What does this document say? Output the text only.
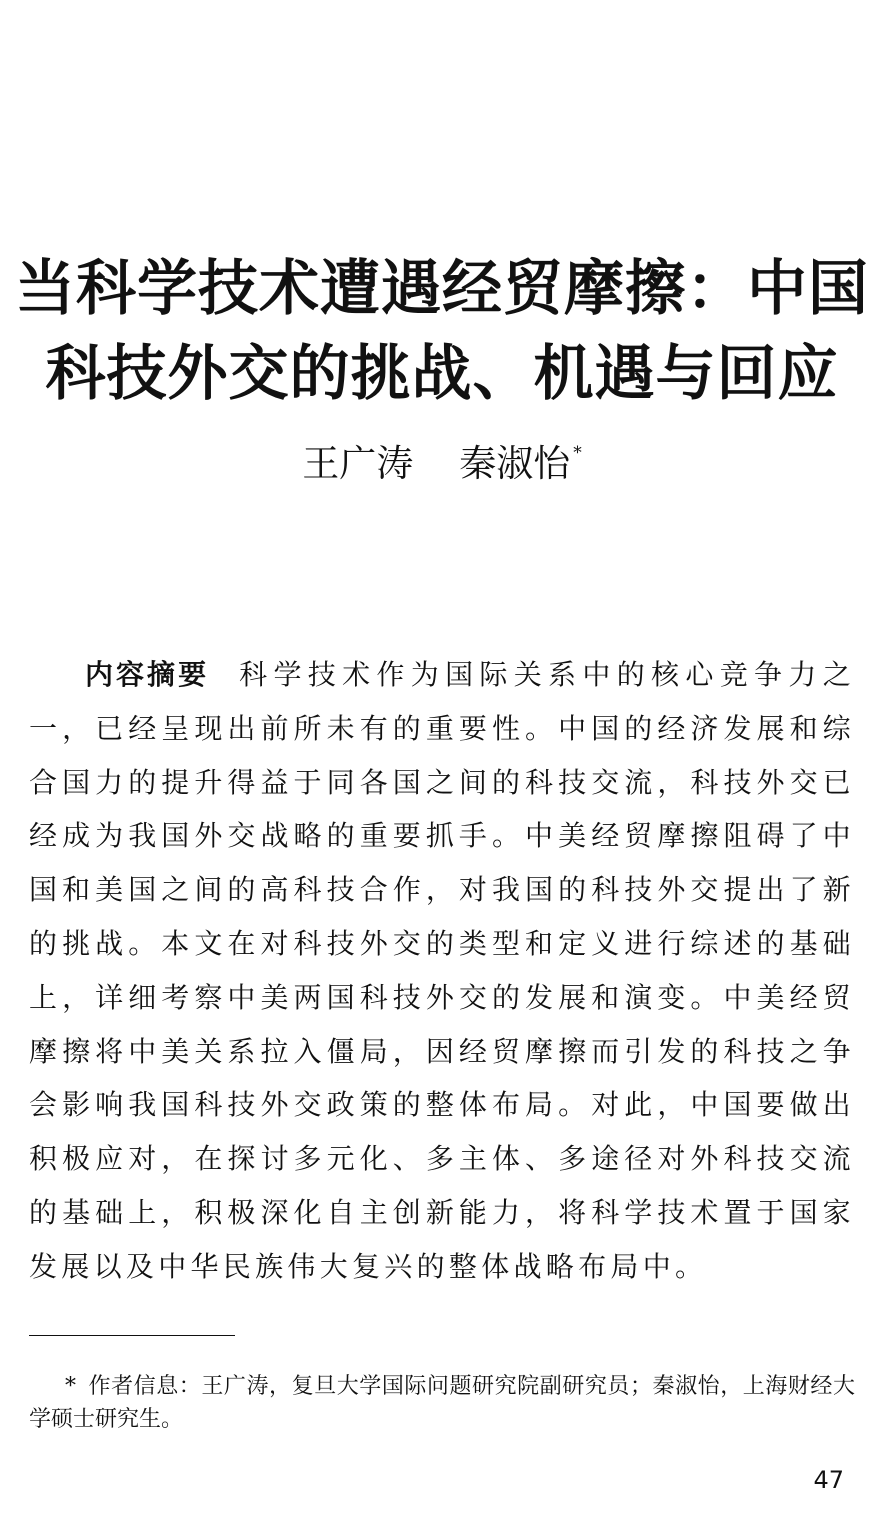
当科学技术遭遇经贸摩擦：中国
科技外交的挑战、机遇与回应
王广涛 秦淑怡 *

内容摘要 科学技术作为国际关系中的核心竞争力之一，已经呈现出前所未有的重要性。中国的经济发展和综合国力的提升得益于同各国之间的科技交流，科技外交已经成为我国外交战略的重要抓手。中美经贸摩擦阻碍了中国和美国之间的高科技合作，对我国的科技外交提出了新的挑战。本文在对科技外交的类型和定义进行综述的基础上，详细考察中美两国科技外交的发展和演变。中美经贸摩擦将中美关系拉入僵局，因经贸摩擦而引发的科技之争会影响我国科技外交政策的整体布局。对此，中国要做出积极应对，在探讨多元化、多主体、多途径对外科技交流的基础上，积极深化自主创新能力，将科学技术置于国家发展以及中华民族伟大复兴的整体战略布局中。

* 作者信息：王广涛，复旦大学国际问题研究院副研究员；秦淑怡，上海财经大学硕士研究生。

47
